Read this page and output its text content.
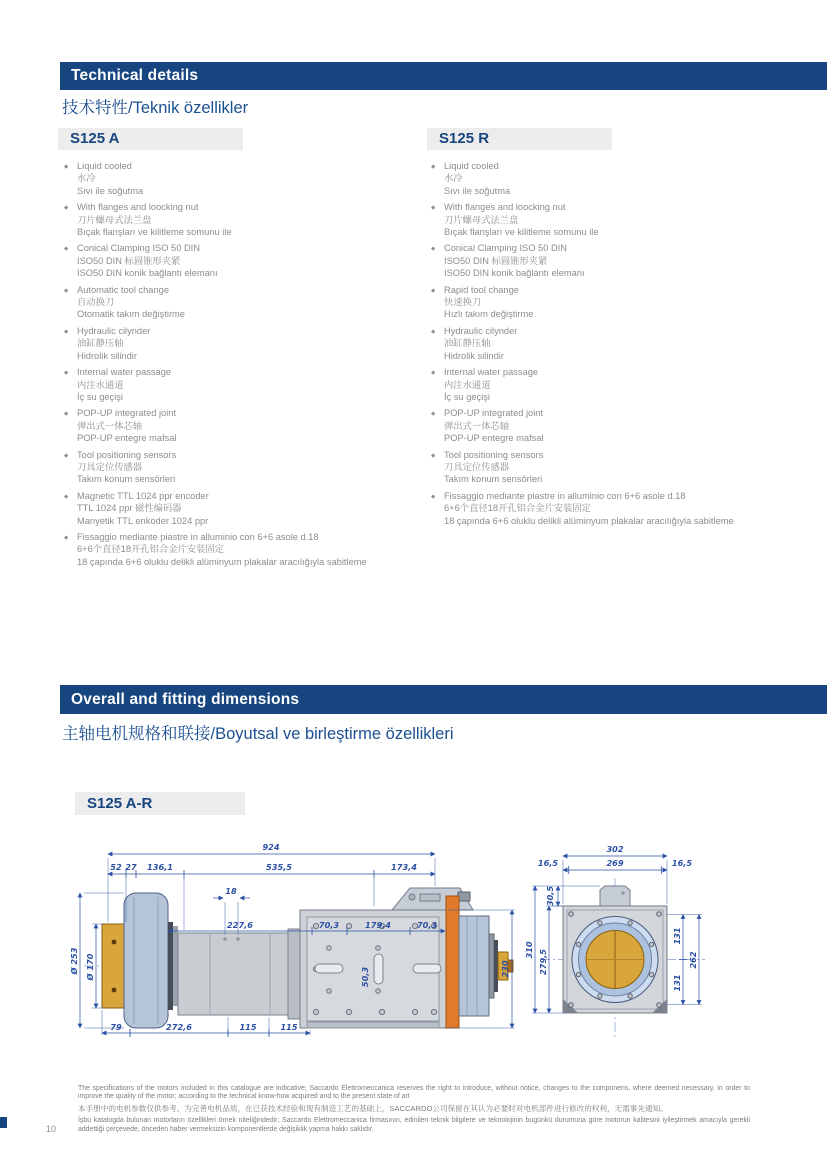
Technical details
技术特性/Teknik özellikler
S125 A	S125 R
◆ Liquid cooled
水冷
Sıvı ile soğutma
◆ With flanges and loocking nut
刀片螺母式法兰盘
Bıçak flanşları ve kilitleme somunu ile
◆ Conical Clamping ISO 50 DIN
ISO50 DIN 标圆锥形夹紧
ISO50 DIN konik bağlantı elemanı
◆ Automatic tool change
自动换刀
Otomatik takım değiştirme
◆ Hydraulic cilynder
油缸静压轴
Hidrolik silindir
◆ Internal water passage
内注水通道
İç su geçişi
◆ POP-UP integrated joint
弹出式一体芯轴
POP-UP entegre mafsal
◆ Tool positioning sensors
刀具定位传感器
Takım konum sensörleri
◆ Magnetic TTL 1024 ppr encoder
TTL 1024 ppr 磁性编码器
Manyetik TTL enkoder 1024 ppr
◆ Fissaggio mediante piastre in alluminio con 6+6 asole d.18
6+6个直径18开孔铝合金片安装固定
18 çapında 6+6 oluklu delikli alüminyum plakalar aracılığıyla sabitleme
◆ Liquid cooled
水冷
Sıvı ile soğutma
◆ With flanges and loocking nut
刀片螺母式法兰盘
Bıçak flanşları ve kilitleme somunu ile
◆ Conical Clamping ISO 50 DIN
ISO50 DIN 标圆锥形夹紧
ISO50 DIN konik bağlantı elemanı
◆ Rapid tool change
快速换刀
Hızlı takım değiştirme
◆ Hydraulic cilynder
油缸静压轴
Hidrolik silindir
◆ Internal water passage
内注水通道
İç su geçişi
◆ POP-UP integrated joint
弹出式一体芯轴
POP-UP entegre mafsal
◆ Tool positioning sensors
刀具定位传感器
Takım konum sensörleri
◆ Fissaggio mediante piastre in alluminio con 6+6 asole d.18
6+6个直径18开孔铝合金片安装固定
18 çapında 6+6 oluklu delikli alüminyum plakalar aracılığıyla sabitleme
Overall and fitting dimensions
主轴电机规格和联接/Boyutsal ve birleştirme özellikleri
S125 A-R
924
52 27 136,1	535,5	173,4
18
227,6	70,3	179,4	70,3
50,3
Ø 253 Ø 170	230
79	272,6	115	115
302
16,5	269	16,5
30,5
310 279,5
131
131
262
The specifications of the motors included in this catalogue are indicative; Saccardo Elettromeccanica reserves the right to introduce, without notice, changes to the componens, where deemed necessary, in order to improve the quality of the motor; according to the technical know-how acquired and to the present state of art
本手册中的电机参数仅供参考。为完善电机品质，在已获技术经验和现有制造工艺的基础上，SACCARDO公司保留在其认为必要时对电机部件进行修改的权利，无需事先通知。
İşbu katalogda bulunan motorların özellikleri örnek niteliğindedir; Saccardo Elettromeccanica firmasının, edinilen teknik bilgilere ve teknolojinin bugünkü durumuna göre motorun kalitesini iyileştirmek amacıyla gerekli addettiği çerçevede, önceden haber vermeksizin komponentlerde değişiklik yapma hakkı saklıdır.
10
